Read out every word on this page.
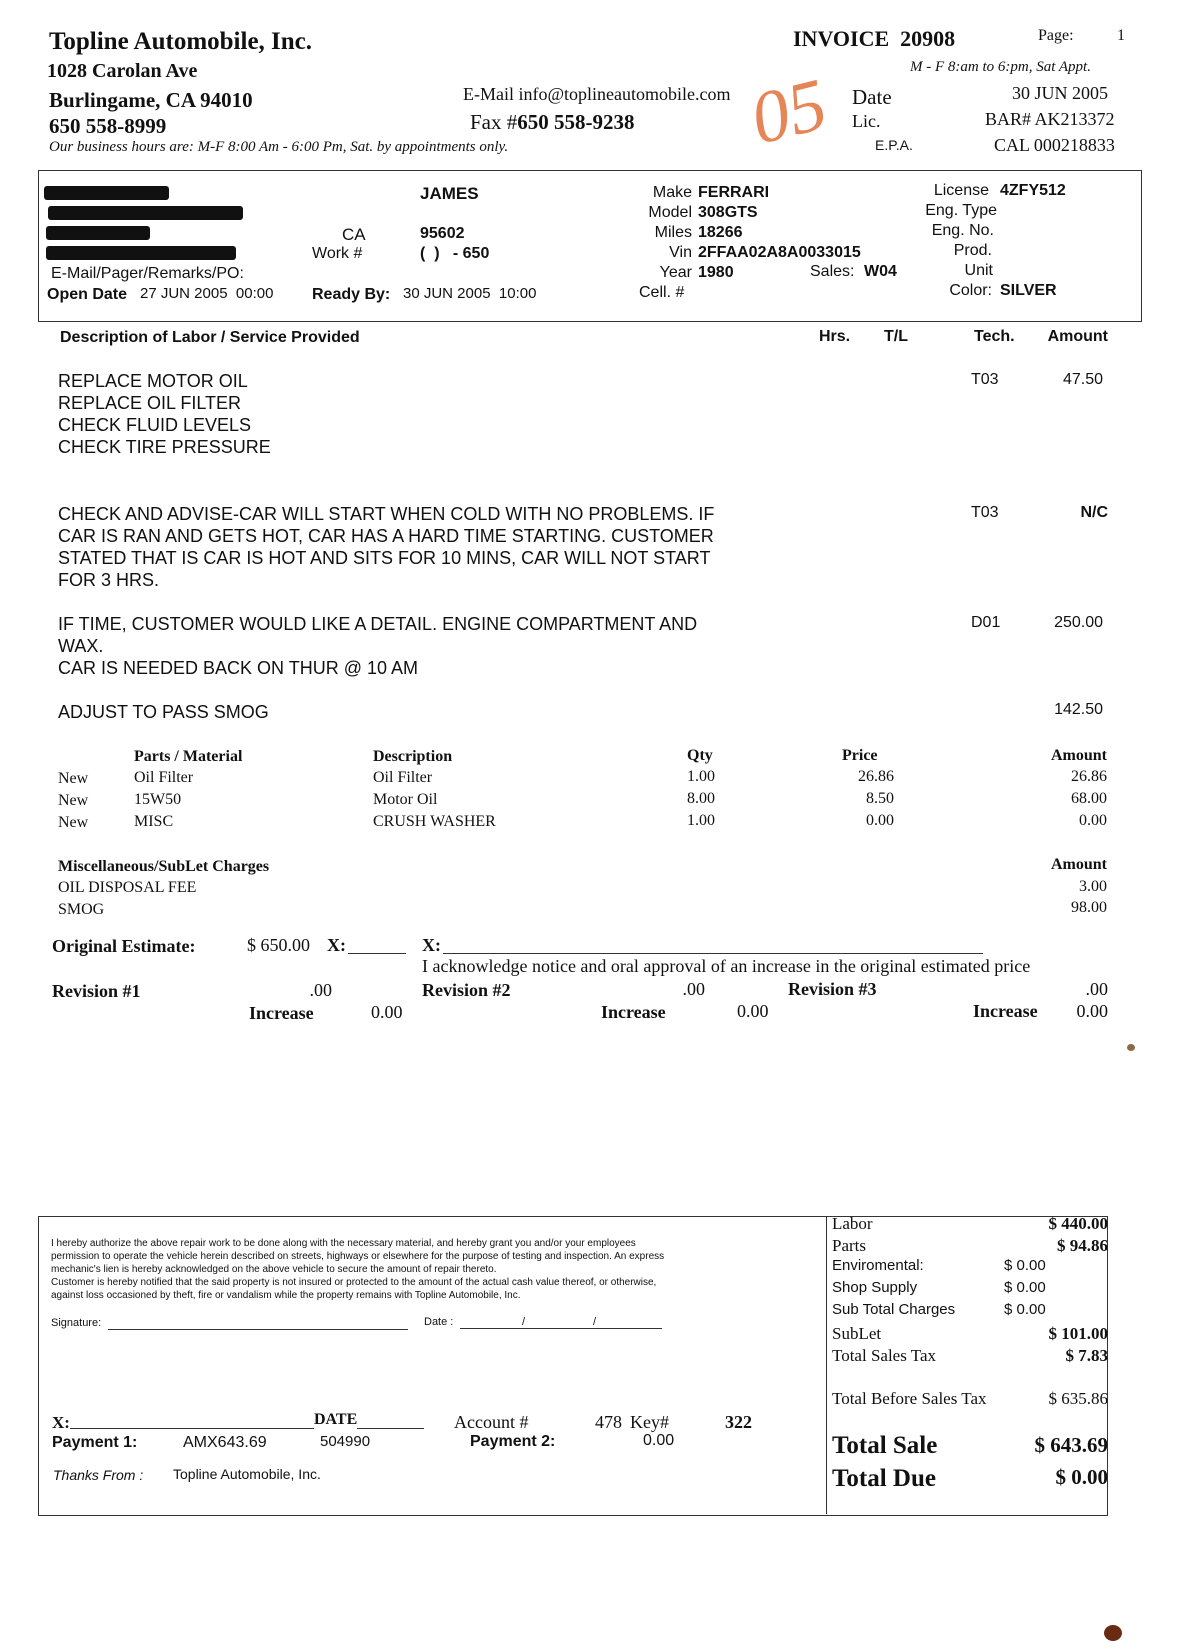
Topline Automobile, Inc.
1028 Carolan Ave
Burlingame, CA 94010
650 558-8999
Our business hours are: M-F 8:00 Am - 6:00 Pm, Sat. by appointments only.
E-Mail info@toplineautomobile.com
Fax #650 558-9238 05
INVOICE 20908	Page:	1
M - F 8:am to 6:pm, Sat Appt.
Date	30 JUN 2005
Lic.	BAR# AK213372
E.P.A.	CAL 000218833
JAMES
CA	95602
Work #	(  )   - 650
E-Mail/Pager/Remarks/PO:
Open Date 27 JUN 2005  00:00 Ready By: 30 JUN 2005  10:00
Make FERRARI
Model 308GTS
Miles 18266
Vin 2FFAA02A8A0033015
Year 1980	Sales: W04
Cell. #
License 4ZFY512
Eng. Type
Eng. No.
Prod.
Unit
Color: SILVER
Description of Labor / Service Provided	Hrs. T/L	Tech.	Amount
REPLACE MOTOR OIL
REPLACE OIL FILTER
CHECK FLUID LEVELS
CHECK TIRE PRESSURE
T03	47.50
CHECK AND ADVISE-CAR WILL START WHEN COLD WITH NO PROBLEMS. IF
CAR IS RAN AND GETS HOT, CAR HAS A HARD TIME STARTING. CUSTOMER
STATED THAT IS CAR IS HOT AND SITS FOR 10 MINS, CAR WILL NOT START
FOR 3 HRS.
T03	N/C
IF TIME, CUSTOMER WOULD LIKE A DETAIL. ENGINE COMPARTMENT AND
WAX.
CAR IS NEEDED BACK ON THUR @ 10 AM
D01	250.00
ADJUST TO PASS SMOG	142.50
Parts / Material	Description	Qty	Price	Amount
New	Oil Filter	Oil Filter	1.00	26.86	26.86
New	15W50	Motor Oil	8.00	8.50	68.00
New	MISC	CRUSH WASHER	1.00	0.00	0.00
Miscellaneous/SubLet Charges	Amount
OIL DISPOSAL FEE	3.00
SMOG	98.00
Original Estimate:	$ 650.00 X:	X:
I acknowledge notice and oral approval of an increase in the original estimated price
Revision #1	.00	Revision #2	.00	Revision #3	.00
Increase	0.00	Increase	0.00	Increase	0.00
I hereby authorize the above repair work to be done along with the necessary material, and hereby grant you and/or your employees
permission to operate the vehicle herein described on streets, highways or elsewhere for the purpose of testing and inspection. An express
mechanic's lien is hereby acknowledged on the above vehicle to secure the amount of repair thereto.
Customer is hereby notified that the said property is not insured or protected to the amount of the actual cash value thereof, or otherwise,
against loss occasioned by theft, fire or vandalism while the property remains with Topline Automobile, Inc.
Signature:	Date :	/	/
X:	DATE	Account #	478 Key#	322
Payment 1:	AMX643.69	504990	Payment 2:	0.00
Thanks From : Topline Automobile, Inc.
Labor	$ 440.00
Parts	$ 94.86
Enviromental:	$ 0.00
Shop Supply	$ 0.00
Sub Total Charges	$ 0.00
SubLet	$ 101.00
Total Sales Tax	$ 7.83
Total Before Sales Tax	$ 635.86
Total Sale	$ 643.69
Total Due	$ 0.00
